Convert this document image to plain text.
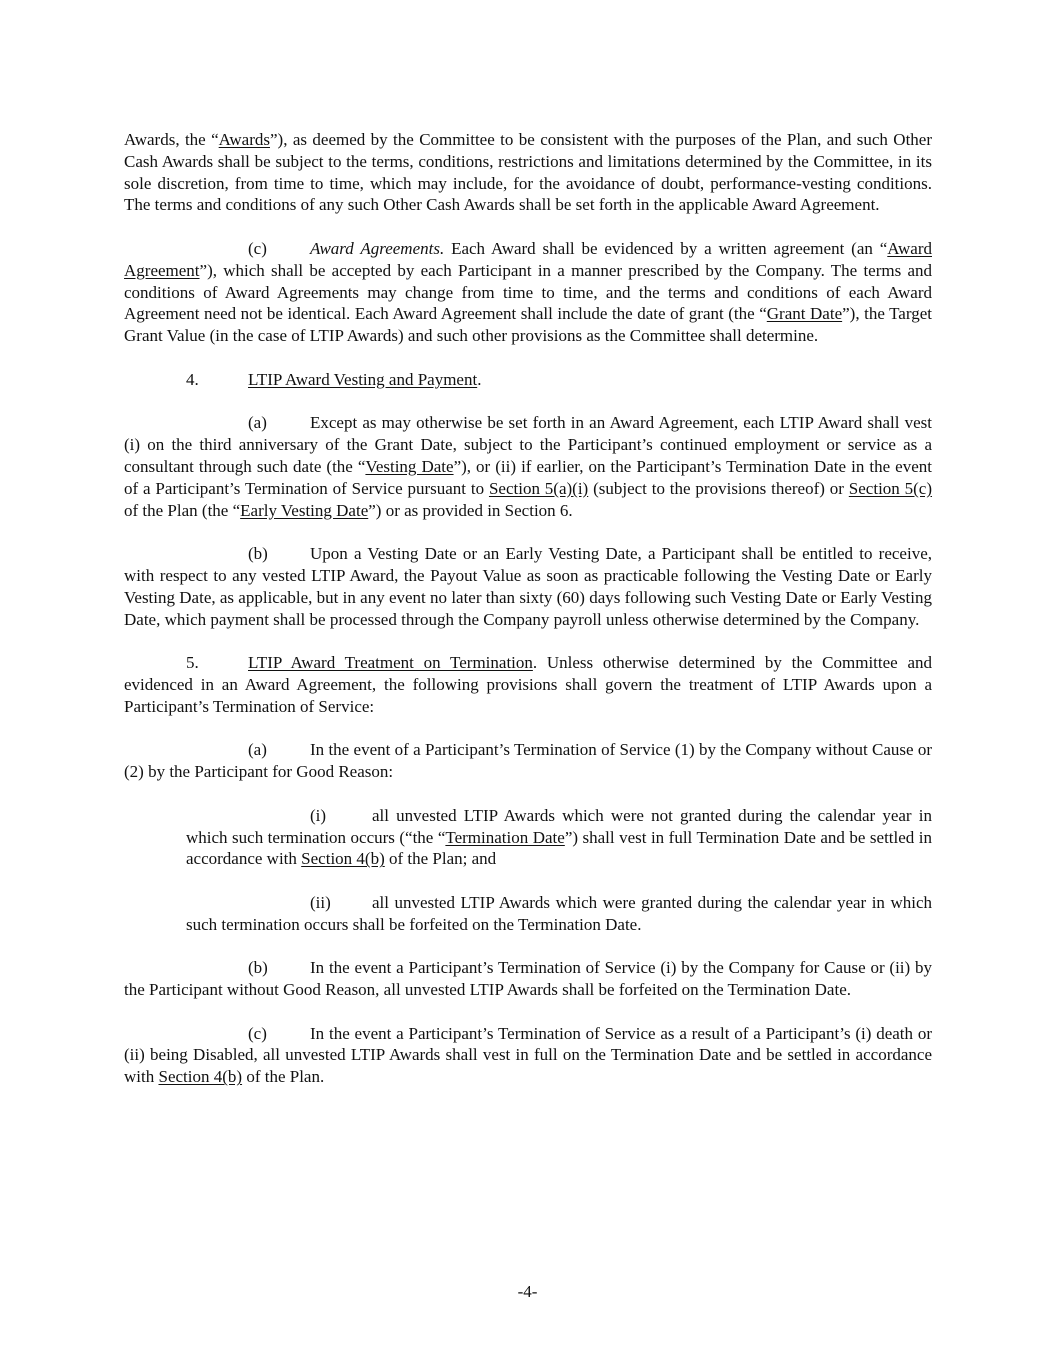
Awards, the “Awards”), as deemed by the Committee to be consistent with the purposes of the Plan, and such Other Cash Awards shall be subject to the terms, conditions, restrictions and limitations determined by the Committee, in its sole discretion, from time to time, which may include, for the avoidance of doubt, performance-vesting conditions. The terms and conditions of any such Other Cash Awards shall be set forth in the applicable Award Agreement.

(c)	Award Agreements. Each Award shall be evidenced by a written agreement (an “Award Agreement”), which shall be accepted by each Participant in a manner prescribed by the Company. The terms and conditions of Award Agreements may change from time to time, and the terms and conditions of each Award Agreement need not be identical. Each Award Agreement shall include the date of grant (the “Grant Date”), the Target Grant Value (in the case of LTIP Awards) and such other provisions as the Committee shall determine.

4.	LTIP Award Vesting and Payment.

(a)	Except as may otherwise be set forth in an Award Agreement, each LTIP Award shall vest (i) on the third anniversary of the Grant Date, subject to the Participant’s continued employment or service as a consultant through such date (the “Vesting Date”), or (ii) if earlier, on the Participant’s Termination Date in the event of a Participant’s Termination of Service pursuant to Section 5(a)(i) (subject to the provisions thereof) or Section 5(c) of the Plan (the “Early Vesting Date”) or as provided in Section 6.

(b) Upon a Vesting Date or an Early Vesting Date, a Participant shall be entitled to receive, with respect to any vested LTIP Award, the Payout Value as soon as practicable following the Vesting Date or Early Vesting Date, as applicable, but in any event no later than sixty (60) days following such Vesting Date or Early Vesting Date, which payment shall be processed through the Company payroll unless otherwise determined by the Company.

5.	LTIP Award Treatment on Termination. Unless otherwise determined by the Committee and evidenced in an Award Agreement, the following provisions shall govern the treatment of LTIP Awards upon a Participant’s Termination of Service:

(a)	In the event of a Participant’s Termination of Service (1) by the Company without Cause or (2) by the Participant for Good Reason:

(i)	all unvested LTIP Awards which were not granted during the calendar year in which such termination occurs (“the “Termination Date”) shall vest in full Termination Date and be settled in accordance with Section 4(b) of the Plan; and

(ii) all unvested LTIP Awards which were granted during the calendar year in which such termination occurs shall be forfeited on the Termination Date.

(b) In the event a Participant’s Termination of Service (i) by the Company for Cause or (ii) by the Participant without Good Reason, all unvested LTIP Awards shall be forfeited on the Termination Date.

(c)	In the event a Participant’s Termination of Service as a result of a Participant’s (i) death or (ii) being Disabled, all unvested LTIP Awards shall vest in full on the Termination Date and be settled in accordance with Section 4(b) of the Plan.

-4-
